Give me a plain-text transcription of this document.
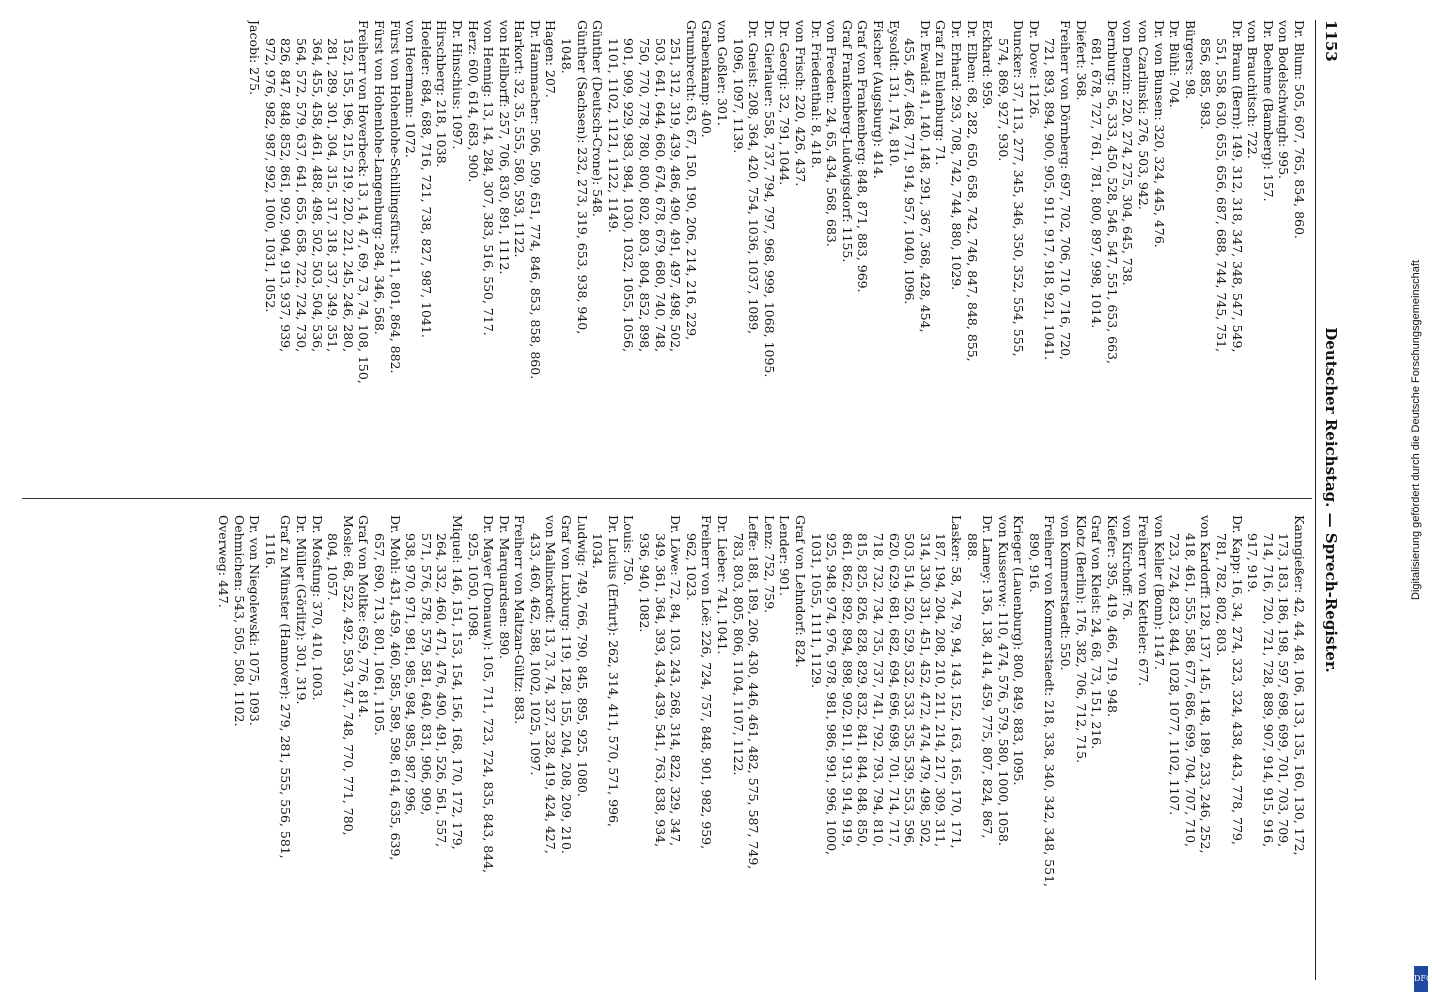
1153
Deutscher Reichstag. — Sprech-Register.
Dr. Blum: 505, 607, 765, 854, 860.
von Bodelschwingh: 995.
Dr. Boehme (Bamberg): 157.
von Brauchitsch: 722.
Dr. Braun (Bern): 149, 312, 318, 347, 348, 547, 549,
551, 558, 630, 655, 656, 687, 688, 744, 745, 751,
856, 885, 983.
Bürgers: 98.
Dr. Bühl: 704.
Dr. von Bunsen: 320, 324, 445, 476.
von Czarlinski: 276, 503, 942.
von Denzin: 220, 274, 275, 304, 645, 738.
Dernburg: 56, 333, 450, 528, 546, 547, 551, 653, 663,
681, 678, 727, 761, 781, 800, 897, 998, 1014.
Diefert: 368.
Freiherr von Dörnberg: 697, 702, 706, 710, 716, 720,
721, 893, 894, 900, 905, 911, 917, 918, 921, 1041.
Dr. Dove: 1126.
Duncker: 37, 113, 277, 345, 346, 350, 352, 554, 555,
574, 869, 927, 930.
Eckhard: 959.
Dr. Elben: 68, 282, 650, 658, 742, 746, 847, 848, 855,
Dr. Erhard: 293, 708, 742, 744, 880, 1029.
Graf zu Eulenburg: 71.
Dr. Ewald: 41, 140, 148, 291, 367, 368, 428, 454,
455, 467, 468, 771, 914, 957, 1040, 1096.
Eysoldt: 131, 174, 810.
Fischer (Augsburg): 414.
Graf von Frankenberg: 848, 871, 883, 969.
Graf Frankenberg-Ludwigsdorf: 1155.
von Freeden: 24, 65, 434, 568, 683.
Dr. Friedenthal: 8, 418.
von Frisch: 220, 426, 437.
Dr. Georgi: 32, 791, 1044.
Dr. Gierlauer: 558, 737, 794, 797, 968, 999, 1068, 1095.
Dr. Gneist: 208, 364, 420, 754, 1036, 1037, 1089,
1096, 1097, 1139.
von Goßler: 301.
Grabenkamp: 400.
Grumbrecht: 63, 67, 150, 190, 206, 214, 216, 229,
251, 312, 319, 439, 486, 490, 491, 497, 498, 502,
503, 641, 644, 660, 674, 678, 679, 680, 740, 748,
750, 770, 778, 780, 800, 802, 803, 804, 852, 898,
901, 909, 929, 983, 984, 1030, 1032, 1055, 1056,
1101, 1102, 1121, 1122, 1149.
Günther (Deutsch-Crone): 548.
Günther (Sachsen): 232, 273, 319, 653, 938, 940,
1048.
Hagen: 207.
Dr. Hammacher: 506, 509, 651, 774, 846, 853, 858, 860.
Harkort: 32, 35, 555, 580, 593, 1122.
von Hellborff: 257, 706, 830, 891, 1112.
von Hennig: 13, 14, 284, 307, 383, 516, 550, 717.
Herz: 600, 614, 683, 900.
Dr. Hinschius: 1097.
Hirschberg: 218, 1038.
Hoelder: 684, 688, 716, 721, 738, 827, 987, 1041.
von Hoermann: 1072.
Fürst von Hohenlohe-Schillingsfürst: 11, 801, 864, 882.
Fürst von Hohenlohe-Langenburg: 284, 346, 568.
Freiherr von Hoverbeck: 13, 14, 47, 69, 73, 74, 108, 150,
152, 155, 196, 215, 219, 220, 221, 245, 246, 280,
281, 289, 301, 304, 315, 317, 318, 337, 349, 351,
364, 455, 458, 461, 488, 498, 502, 503, 504, 536,
564, 572, 579, 637, 641, 655, 658, 722, 724, 730,
826, 847, 848, 852, 861, 902, 904, 913, 937, 939,
972, 976, 982, 987, 992, 1000, 1031, 1052.
Jacobi: 275.
Kanngießer: 42, 44, 48, 106, 133, 135, 160, 130, 172,
173, 183, 186, 198, 597, 698, 699, 701, 703, 709,
714, 716, 720, 721, 728, 889, 907, 914, 915, 916,
917, 919.
Dr. Kapp: 16, 34, 274, 323, 324, 438, 443, 778, 779,
781, 782, 802, 803.
von Kardorff: 128, 137, 145, 148, 189, 233, 246, 252,
418, 461, 555, 588, 677, 686, 699, 704, 707, 710,
723, 724, 823, 844, 1028, 1077, 1102, 1107.
von Keller (Bonn): 1147.
Freiherr von Ketteler: 677.
von Kirchoff: 76.
Kiefer: 395, 419, 466, 719, 948.
Graf von Kleist: 24, 68, 73, 151, 216.
Klotz (Berlin): 176, 382, 706, 712, 715.
von Kommerstaedt: 550.
Freiherr von Kommerstaedt: 218, 338, 340, 342, 348, 551,
890, 916.
Krieger (Lauenburg): 800, 849, 883, 1095.
von Kusserow: 110, 474, 576, 579, 580, 1000, 1058.
Dr. Lamey: 136, 138, 414, 459, 775, 807, 824, 867,
888.
Lasker: 58, 74, 79, 94, 143, 152, 163, 165, 170, 171,
187, 194, 204, 208, 210, 211, 214, 217, 309, 311,
314, 330, 331, 451, 452, 472, 474, 479, 498, 502,
503, 514, 520, 529, 532, 533, 535, 539, 553, 596,
620, 629, 681, 682, 694, 696, 698, 701, 714, 717,
718, 732, 734, 735, 737, 741, 792, 793, 794, 810,
815, 825, 826, 828, 829, 832, 841, 844, 848, 850,
861, 862, 892, 894, 898, 902, 911, 913, 914, 919,
925, 948, 974, 976, 978, 981, 986, 991, 996, 1000,
1031, 1055, 1111, 1129.
Graf von Lehndorf: 824.
Lender: 901.
Lenz: 752, 759.
Leffe: 188, 189, 206, 430, 446, 461, 482, 575, 587, 749,
783, 803, 805, 806, 1104, 1107, 1122.
Dr. Lieber: 741, 1041.
Freiherr von Loë: 226, 724, 757, 848, 901, 982, 959,
962, 1023.
Dr. Löwe: 72, 84, 103, 243, 268, 314, 822, 329, 347,
349, 361, 364, 393, 434, 439, 541, 763, 838, 934,
936, 940, 1082.
Louis: 750.
Dr. Lucius (Erfurt): 262, 314, 411, 570, 571, 996,
1034.
Ludwig: 749, 766, 790, 845, 895, 925, 1080.
Graf von Luxburg: 119, 128, 155, 204, 208, 209, 210.
von Malinckrodt: 13, 73, 74, 327, 328, 419, 424, 427,
433, 460, 462, 588, 1002, 1025, 1097.
Freiherr von Maltzan-Gültz: 883.
Dr. Marquardsen: 890.
Dr. Mayer (Donauw.): 105, 711, 723, 724, 835, 843, 844,
925, 1050, 1098.
Miquel: 146, 151, 153, 154, 156, 168, 170, 172, 179,
264, 332, 460, 471, 476, 490, 491, 526, 561, 557,
571, 576, 578, 579, 581, 640, 831, 906, 909,
938, 970, 971, 981, 985, 984, 985, 987, 996,
Dr. Mohl: 431, 459, 460, 585, 589, 598, 614, 635, 639,
657, 690, 713, 801, 1061, 1105.
Graf von Moltke: 659, 776, 814.
Mosle: 68, 522, 492, 593, 747, 748, 770, 771, 780,
804, 1057.
Dr. Mosfung: 370, 410, 1003.
Dr. Müller (Görlitz): 301, 319.
Graf zu Münster (Hannover): 279, 281, 555, 556, 581,
1116.
Dr. von Niegolewski: 1075, 1093.
Oehmichen: 543, 505, 508, 1102.
Overweg: 447.	Digitalisierung gefördert durch die Deutsche Forschungsgemeinschaft
DFG
